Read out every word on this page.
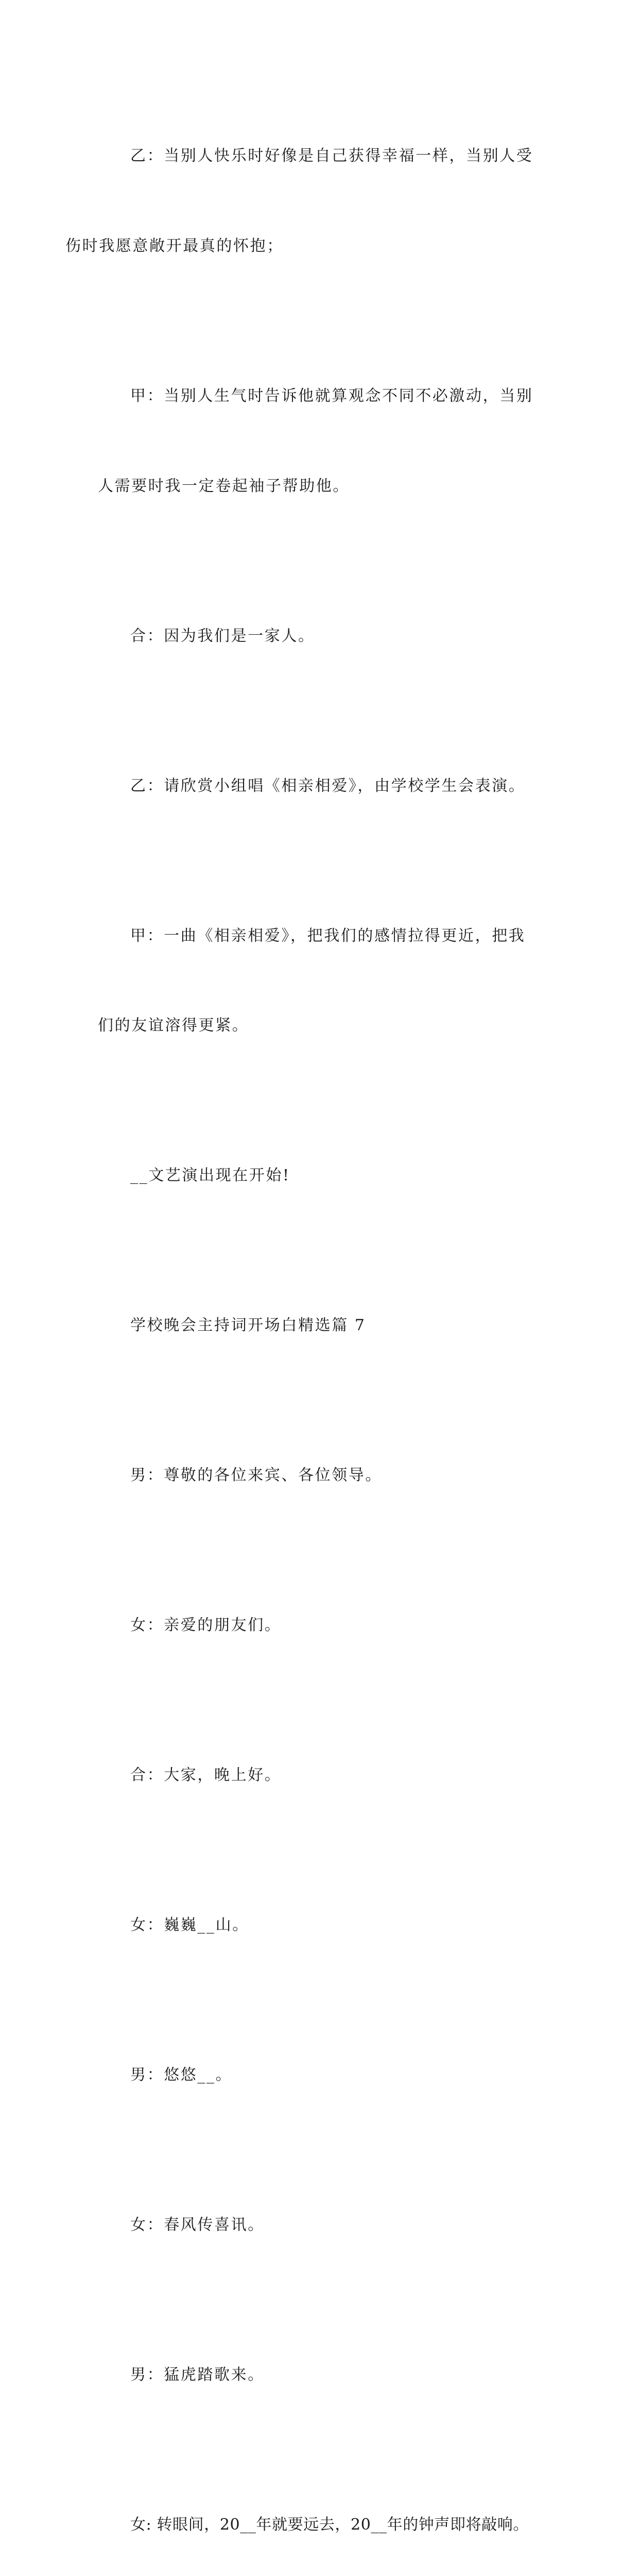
乙：当别人快乐时好像是自己获得幸福一样，当别人受

伤时我愿意敞开最真的怀抱；

甲：当别人生气时告诉他就算观念不同不必激动，当别

人需要时我一定卷起袖子帮助他。

合：因为我们是一家人。

乙：请欣赏小组唱《相亲相爱》，由学校学生会表演。

甲：一曲《相亲相爱》，把我们的感情拉得更近，把我

们的友谊溶得更紧。

__文艺演出现在开始!

学校晚会主持词开场白精选篇 7

男：尊敬的各位来宾、各位领导。

女：亲爱的朋友们。

合：大家，晚上好。

女：巍巍__山。

男：悠悠__。

女：春风传喜讯。

男：猛虎踏歌来。

女: 转眼间，20__年就要远去，20__年的钟声即将敲响。
